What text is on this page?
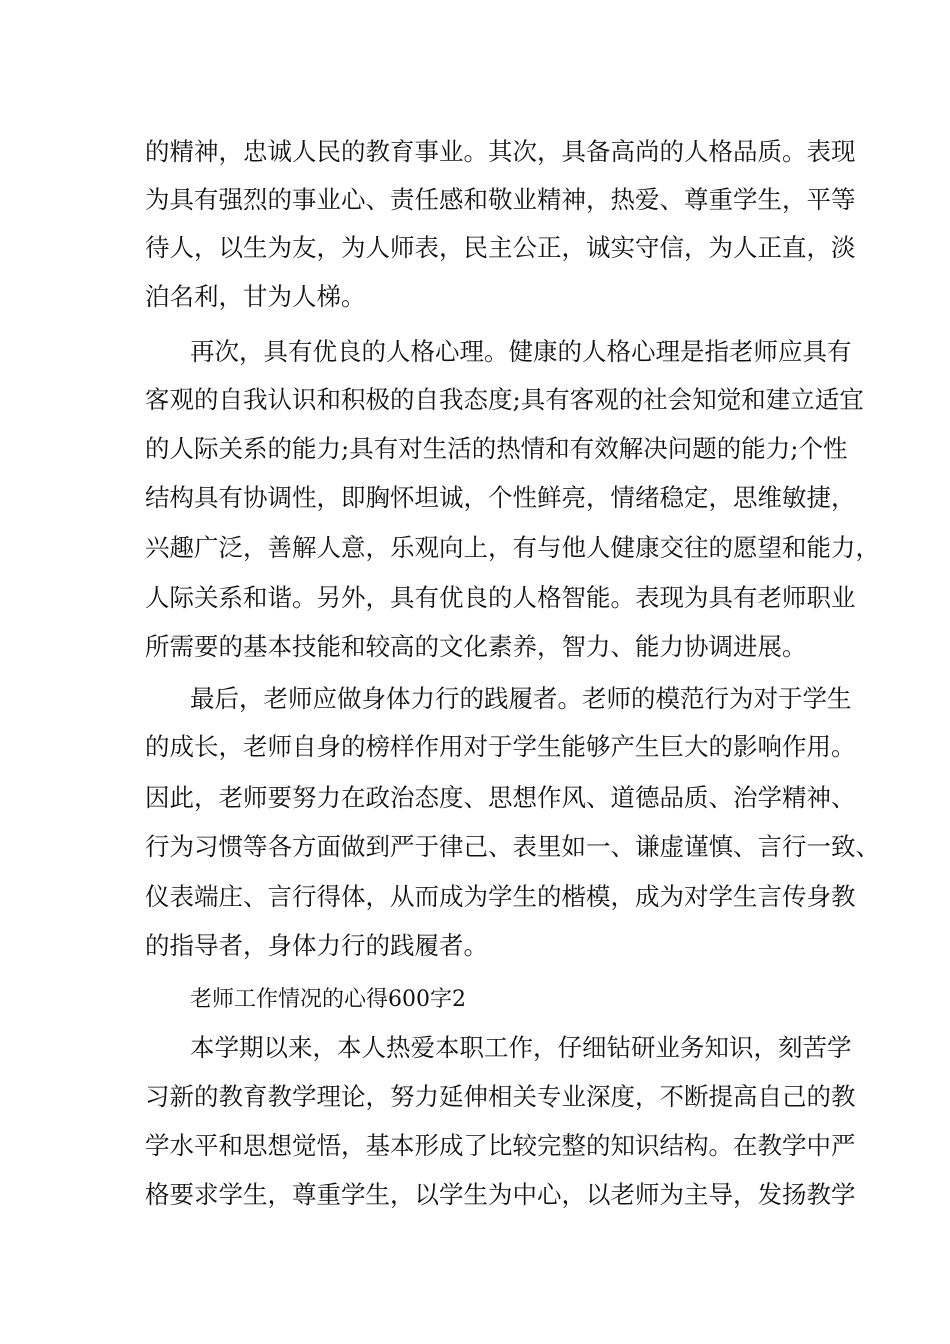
的精神，忠诚人民的教育事业。其次，具备高尚的人格品质。表现
为具有强烈的事业心、责任感和敬业精神，热爱、尊重学生，平等
待人，以生为友，为人师表，民主公正，诚实守信，为人正直，淡
泊名利，甘为人梯。
再次，具有优良的人格心理。健康的人格心理是指老师应具有
客观的自我认识和积极的自我态度;具有客观的社会知觉和建立适宜
的人际关系的能力;具有对生活的热情和有效解决问题的能力;个性
结构具有协调性，即胸怀坦诚，个性鲜亮，情绪稳定，思维敏捷，
兴趣广泛，善解人意，乐观向上，有与他人健康交往的愿望和能力，
人际关系和谐。另外，具有优良的人格智能。表现为具有老师职业
所需要的基本技能和较高的文化素养，智力、能力协调进展。
最后，老师应做身体力行的践履者。老师的模范行为对于学生
的成长，老师自身的榜样作用对于学生能够产生巨大的影响作用。
因此，老师要努力在政治态度、思想作风、道德品质、治学精神、
行为习惯等各方面做到严于律己、表里如一、谦虚谨慎、言行一致、
仪表端庄、言行得体，从而成为学生的楷模，成为对学生言传身教
的指导者，身体力行的践履者。
老师工作情况的心得600字2
本学期以来，本人热爱本职工作，仔细钻研业务知识，刻苦学
习新的教育教学理论，努力延伸相关专业深度，不断提高自己的教
学水平和思想觉悟，基本形成了比较完整的知识结构。在教学中严
格要求学生，尊重学生，以学生为中心，以老师为主导，发扬教学
